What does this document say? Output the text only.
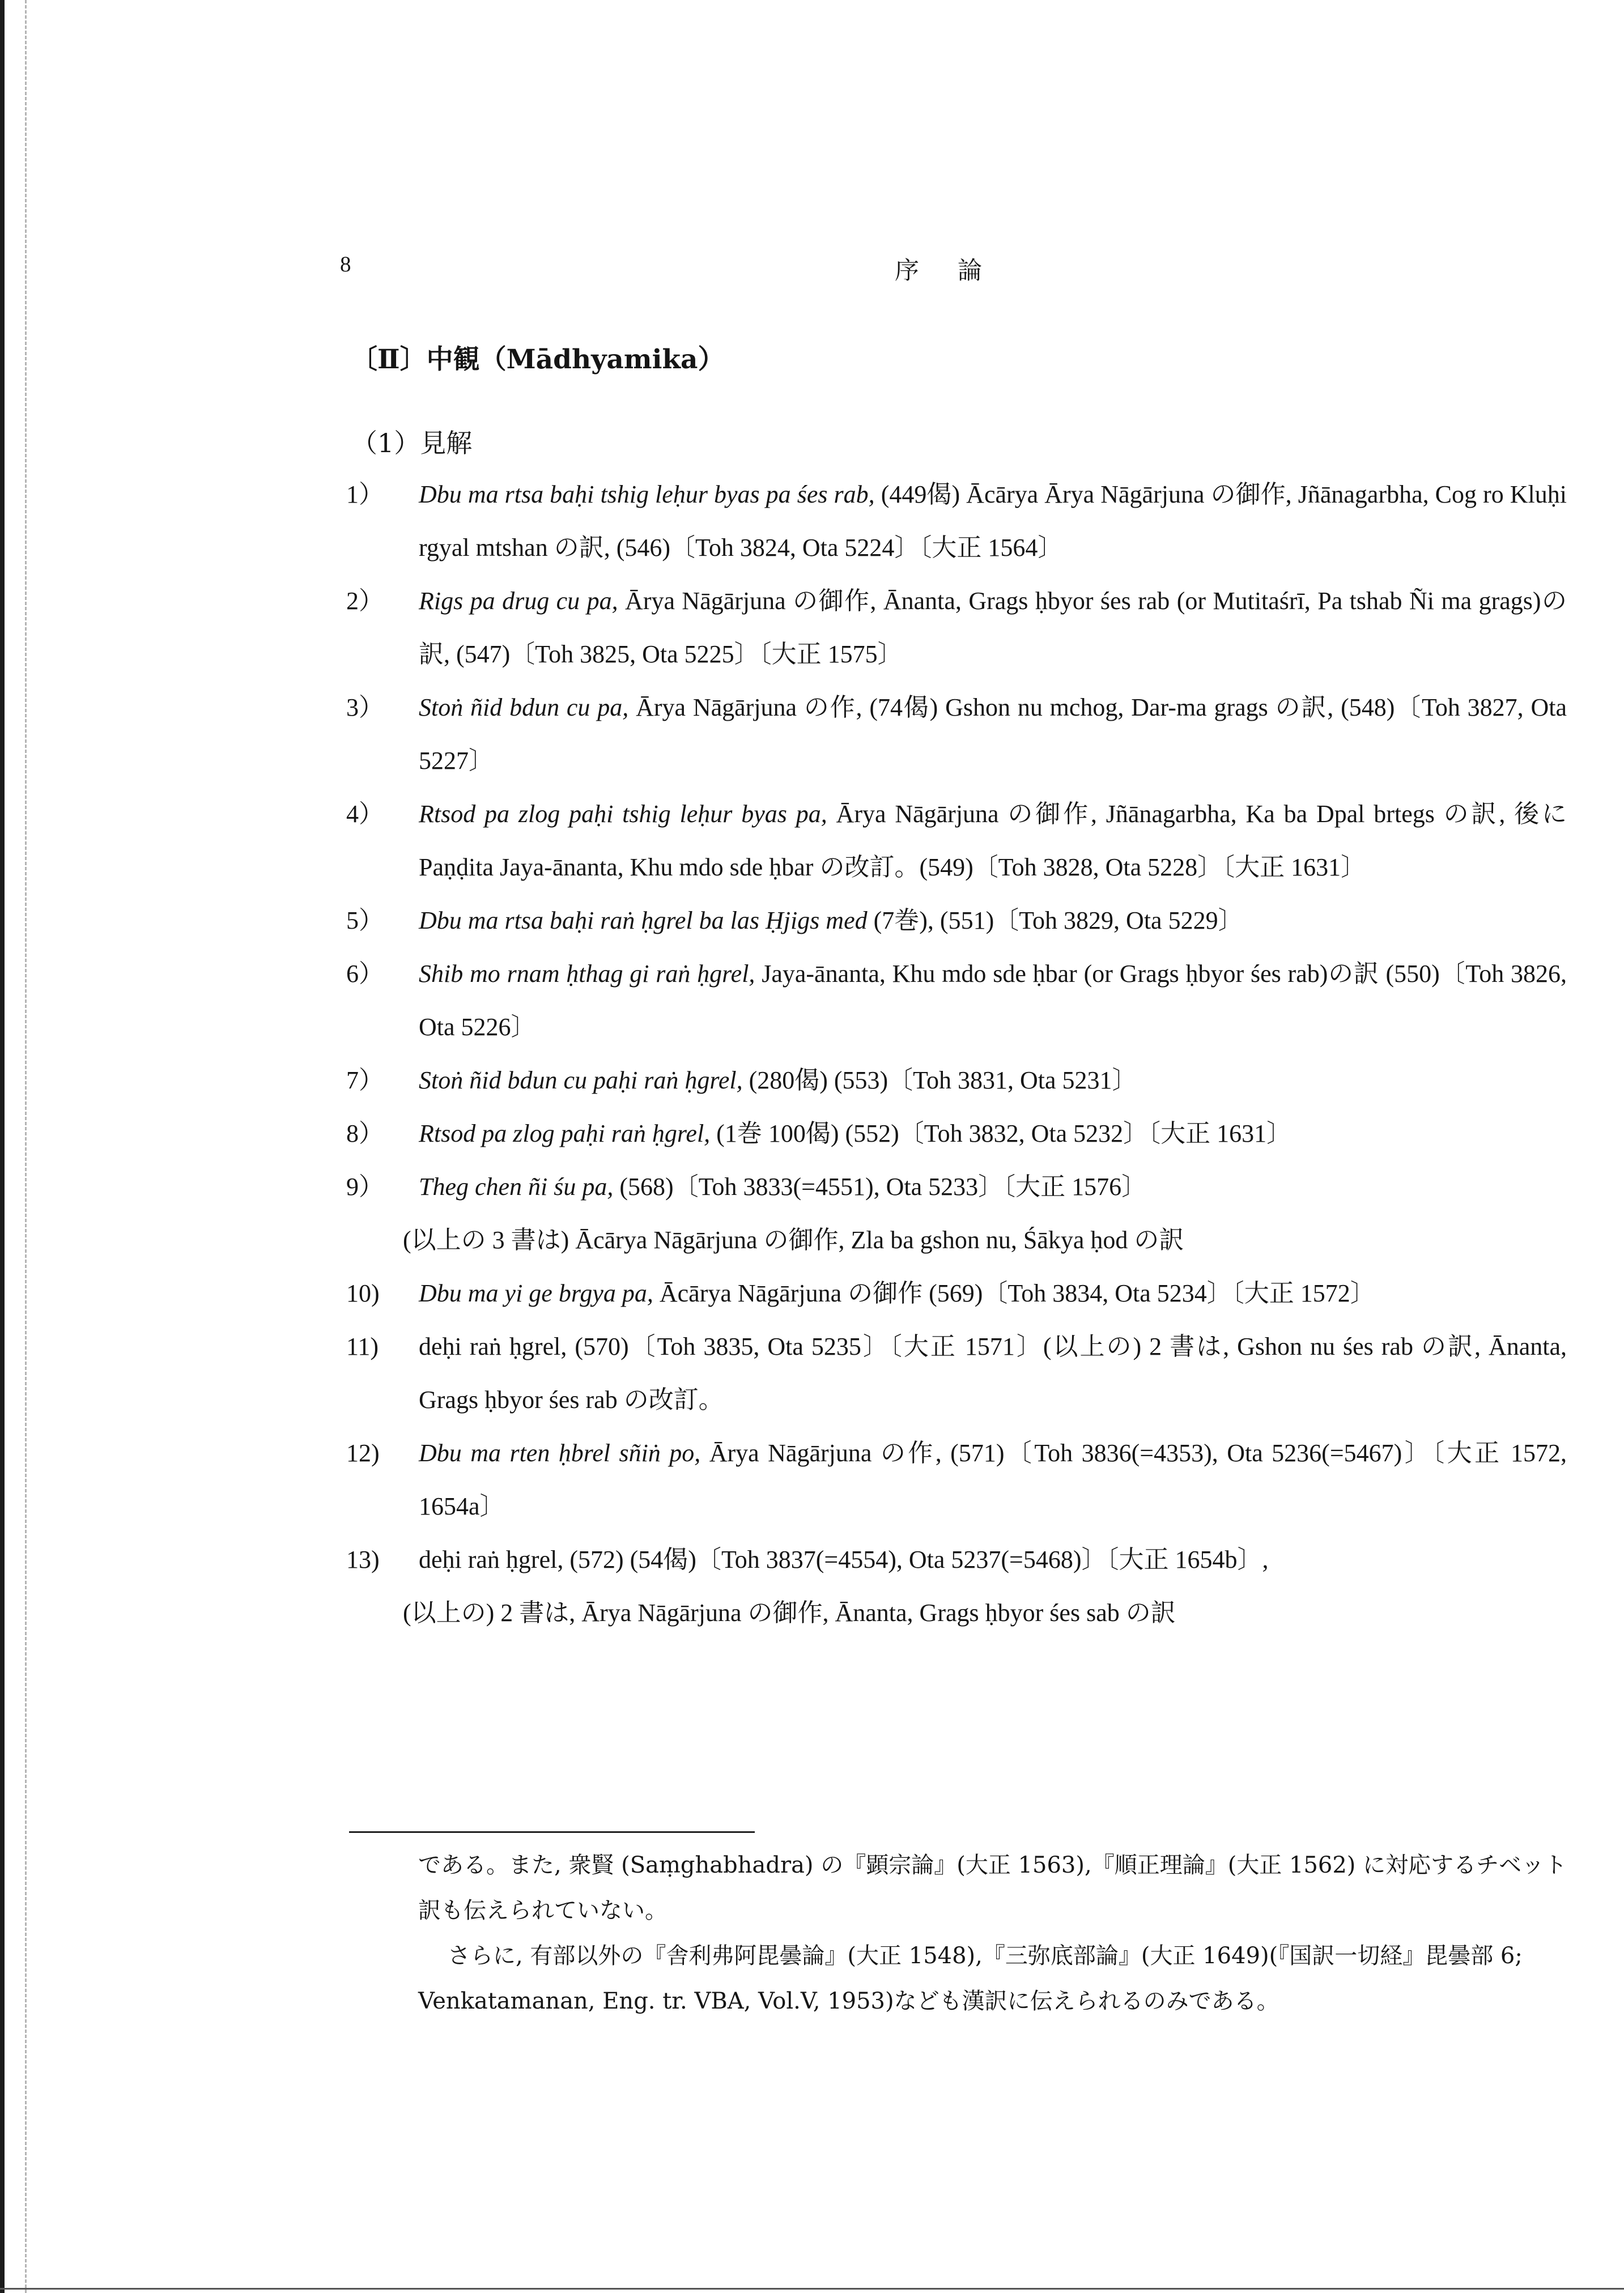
8	序論
〔Ⅱ〕中観（Mādhyamika）
（1）見解
1）	Dbu ma rtsa baḥi tshig leḥur byas pa śes rab, (449偈) Ācārya Ārya Nāgārjuna の御作, Jñānagarbha, Cog ro Kluḥi rgyal mtshan の訳, (546)〔Toh 3824, Ota 5224〕〔大正 1564〕
2）	Rigs pa drug cu pa, Ārya Nāgārjuna の御作, Ānanta, Grags ḥbyor śes rab (or Mutitaśrī, Pa tshab Ñi ma grags)の訳, (547)〔Toh 3825, Ota 5225〕〔大正 1575〕
3）	Stoṅ ñid bdun cu pa, Ārya Nāgārjuna の作, (74偈) Gshon nu mchog, Dar-ma grags の訳, (548)〔Toh 3827, Ota 5227〕
4）	Rtsod pa zlog paḥi tshig leḥur byas pa, Ārya Nāgārjuna の御作, Jñānagarbha, Ka ba Dpal brtegs の訳, 後に Paṇḍita Jaya-ānanta, Khu mdo sde ḥbar の改訂。(549)〔Toh 3828, Ota 5228〕〔大正 1631〕
5）	Dbu ma rtsa baḥi raṅ ḥgrel ba las Ḥjigs med (7巻), (551)〔Toh 3829, Ota 5229〕
6）	Shib mo rnam ḥthag gi raṅ ḥgrel, Jaya-ānanta, Khu mdo sde ḥbar (or Grags ḥbyor śes rab)の訳 (550)〔Toh 3826, Ota 5226〕
7）	Stoṅ ñid bdun cu paḥi raṅ ḥgrel, (280偈) (553)〔Toh 3831, Ota 5231〕
8）	Rtsod pa zlog paḥi raṅ ḥgrel, (1巻 100偈) (552)〔Toh 3832, Ota 5232〕〔大正 1631〕
9）	Theg chen ñi śu pa, (568)〔Toh 3833(=4551), Ota 5233〕〔大正 1576〕
(以上の 3 書は) Ācārya Nāgārjuna の御作, Zla ba gshon nu, Śākya ḥod の訳
10)	Dbu ma yi ge brgya pa, Ācārya Nāgārjuna の御作 (569)〔Toh 3834, Ota 5234〕〔大正 1572〕
11)	deḥi raṅ ḥgrel, (570)〔Toh 3835, Ota 5235〕〔大正 1571〕(以上の) 2 書は, Gshon nu śes rab の訳, Ānanta, Grags ḥbyor śes rab の改訂。
12)	Dbu ma rten ḥbrel sñiṅ po, Ārya Nāgārjuna の作, (571)〔Toh 3836(=4353), Ota 5236(=5467)〕〔大正 1572, 1654a〕
13)	deḥi raṅ ḥgrel, (572) (54偈)〔Toh 3837(=4554), Ota 5237(=5468)〕〔大正 1654b〕,
(以上の) 2 書は, Ārya Nāgārjuna の御作, Ānanta, Grags ḥbyor śes sab の訳

である。また, 衆賢 (Saṃghabhadra) の『顕宗論』(大正 1563),『順正理論』(大正 1562) に対応するチベット訳も伝えられていない。

さらに, 有部以外の『舎利弗阿毘曇論』(大正 1548),『三弥底部論』(大正 1649)(『国訳一切経』毘曇部 6; Venkatamanan, Eng. tr. VBA, Vol.V, 1953)なども漢訳に伝えられるのみである。
